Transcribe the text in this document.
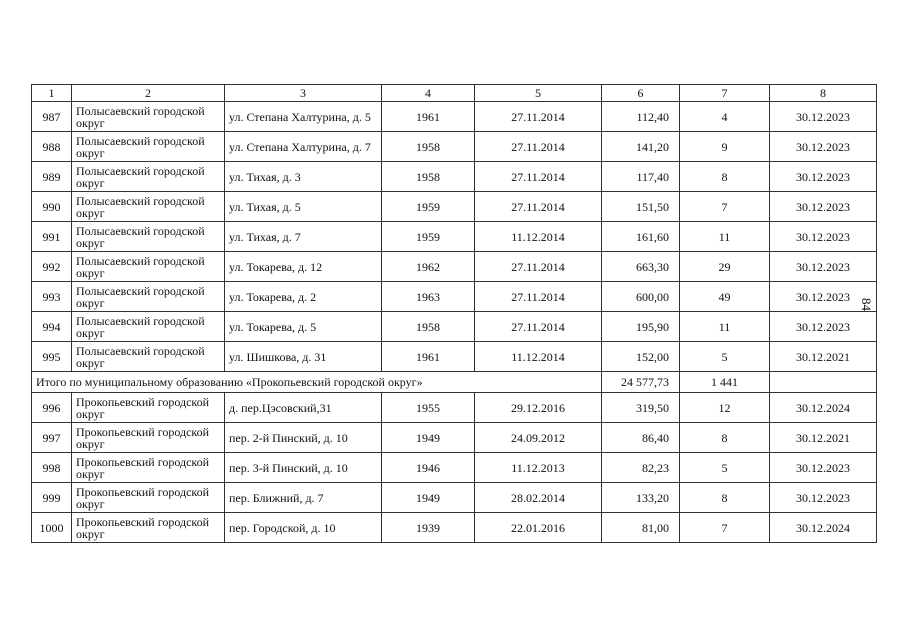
1	2	3	4	5	6	7	8
987	Полысаевский городской округ	ул. Степана Халтурина, д. 5	1961	27.11.2014	112,40	4	30.12.2023
988	Полысаевский городской округ	ул. Степана Халтурина, д. 7	1958	27.11.2014	141,20	9	30.12.2023
989	Полысаевский городской округ	ул. Тихая, д. 3	1958	27.11.2014	117,40	8	30.12.2023
990	Полысаевский городской округ	ул. Тихая, д. 5	1959	27.11.2014	151,50	7	30.12.2023
991	Полысаевский городской округ	ул. Тихая, д. 7	1959	11.12.2014	161,60	11	30.12.2023
992	Полысаевский городской округ	ул. Токарева, д. 12	1962	27.11.2014	663,30	29	30.12.2023
993	Полысаевский городской округ	ул. Токарева, д. 2	1963	27.11.2014	600,00	49	30.12.2023
994	Полысаевский городской округ	ул. Токарева, д. 5	1958	27.11.2014	195,90	11	30.12.2023
995	Полысаевский городской округ	ул. Шишкова, д. 31	1961	11.12.2014	152,00	5	30.12.2021
Итого по муниципальному образованию «Прокопьевский городской округ»					24 577,73	1 441	
996	Прокопьевский городской округ	д. пер.Цэсовский,31	1955	29.12.2016	319,50	12	30.12.2024
997	Прокопьевский городской округ	пер. 2-й Пинский, д. 10	1949	24.09.2012	86,40	8	30.12.2021
998	Прокопьевский городской округ	пер. 3-й Пинский, д. 10	1946	11.12.2013	82,23	5	30.12.2023
999	Прокопьевский городской округ	пер. Ближний, д. 7	1949	28.02.2014	133,20	8	30.12.2023
1000	Прокопьевский городской округ	пер. Городской, д. 10	1939	22.01.2016	81,00	7	30.12.2024
84
